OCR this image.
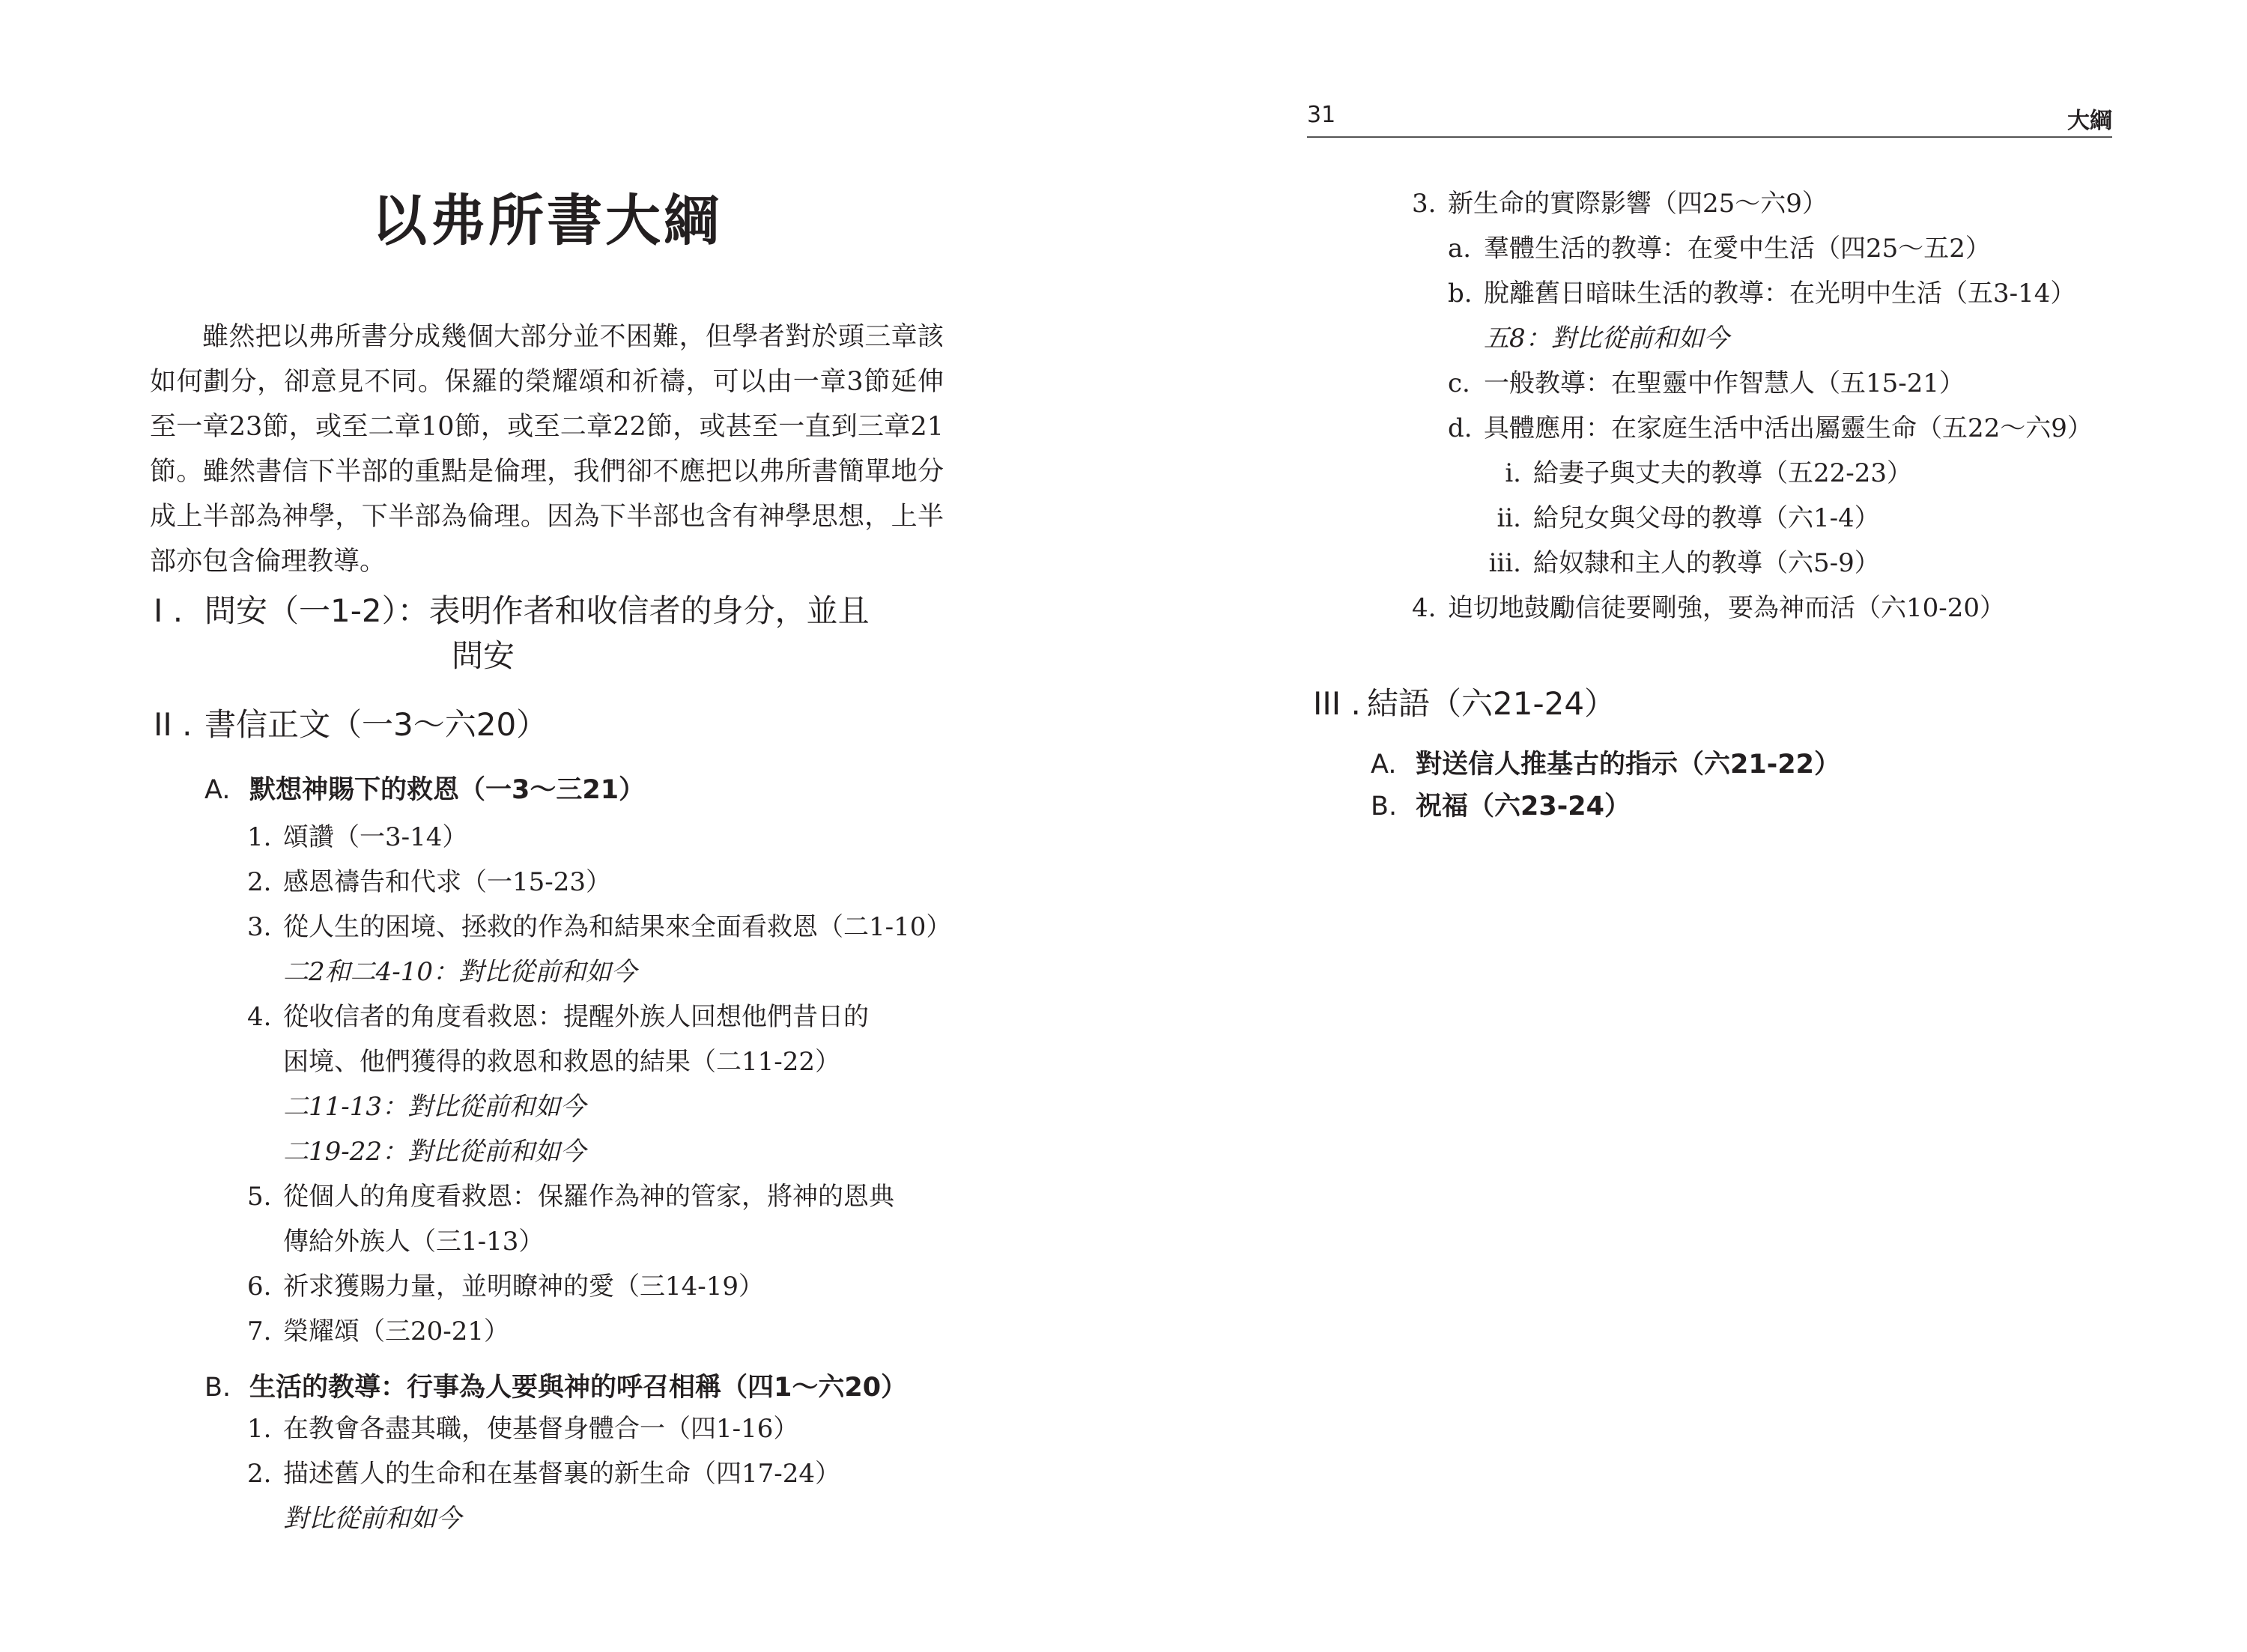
以弗所書大綱

雖然把以弗所書分成幾個大部分並不困難，但學者對於頭三章該如何劃分，卻意見不同。保羅的榮耀頌和祈禱，可以由一章3節延伸至一章23節，或至二章10節，或至二章22節，或甚至一直到三章21節。雖然書信下半部的重點是倫理，我們卻不應把以弗所書簡單地分成上半部為神學，下半部為倫理。因為下半部也含有神學思想，上半部亦包含倫理教導。

I . 問安（一1-2）：表明作者和收信者的身分，並且
問安
II . 書信正文（一3～六20）
A. 默想神賜下的救恩（一3～三21）
1. 頌讚（一3-14）
2. 感恩禱告和代求（一15-23）
3. 從人生的困境、拯救的作為和結果來全面看救恩（二1-10）
二2和二4-10：對比從前和如今
4. 從收信者的角度看救恩：提醒外族人回想他們昔日的
困境、他們獲得的救恩和救恩的結果（二11-22）
二11-13：對比從前和如今
二19-22：對比從前和如今
5. 從個人的角度看救恩：保羅作為神的管家，將神的恩典
傳給外族人（三1-13）
6. 祈求獲賜力量，並明瞭神的愛（三14-19）
7. 榮耀頌（三20-21）
B. 生活的教導：行事為人要與神的呼召相稱（四1～六20）
1. 在教會各盡其職，使基督身體合一（四1-16）
2. 描述舊人的生命和在基督裏的新生命（四17-24）
對比從前和如今
31	大綱
3. 新生命的實際影響（四25～六9）
a. 羣體生活的教導：在愛中生活（四25～五2）
b. 脫離舊日暗昧生活的教導：在光明中生活（五3-14）
五8：對比從前和如今
c. 一般教導：在聖靈中作智慧人（五15-21）
d. 具體應用：在家庭生活中活出屬靈生命（五22～六9）
i. 給妻子與丈夫的教導（五22-23）
ii. 給兒女與父母的教導（六1-4）
iii. 給奴隸和主人的教導（六5-9）
4. 迫切地鼓勵信徒要剛強，要為神而活（六10-20）
III . 結語（六21-24）
A. 對送信人推基古的指示（六21-22）
B. 祝福（六23-24）
